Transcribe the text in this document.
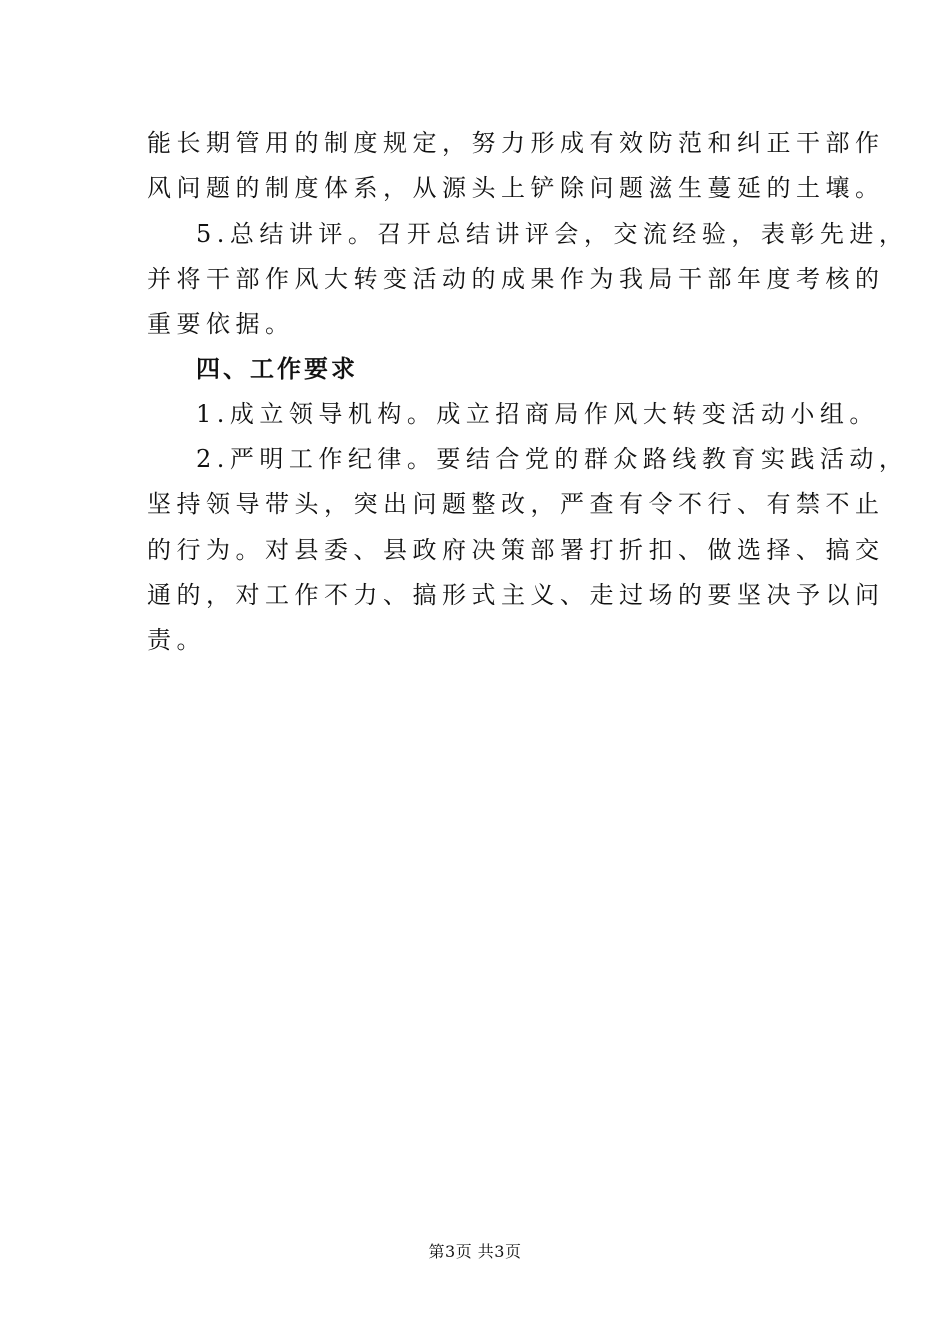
能长期管用的制度规定，努力形成有效防范和纠正干部作
风问题的制度体系，从源头上铲除问题滋生蔓延的土壤。
5.总结讲评。召开总结讲评会，交流经验，表彰先进，
并将干部作风大转变活动的成果作为我局干部年度考核的
重要依据。
四、工作要求
1.成立领导机构。成立招商局作风大转变活动小组。
2.严明工作纪律。要结合党的群众路线教育实践活动，
坚持领导带头，突出问题整改，严查有令不行、有禁不止
的行为。对县委、县政府决策部署打折扣、做选择、搞交
通的，对工作不力、搞形式主义、走过场的要坚决予以问
责。
第3页 共3页
